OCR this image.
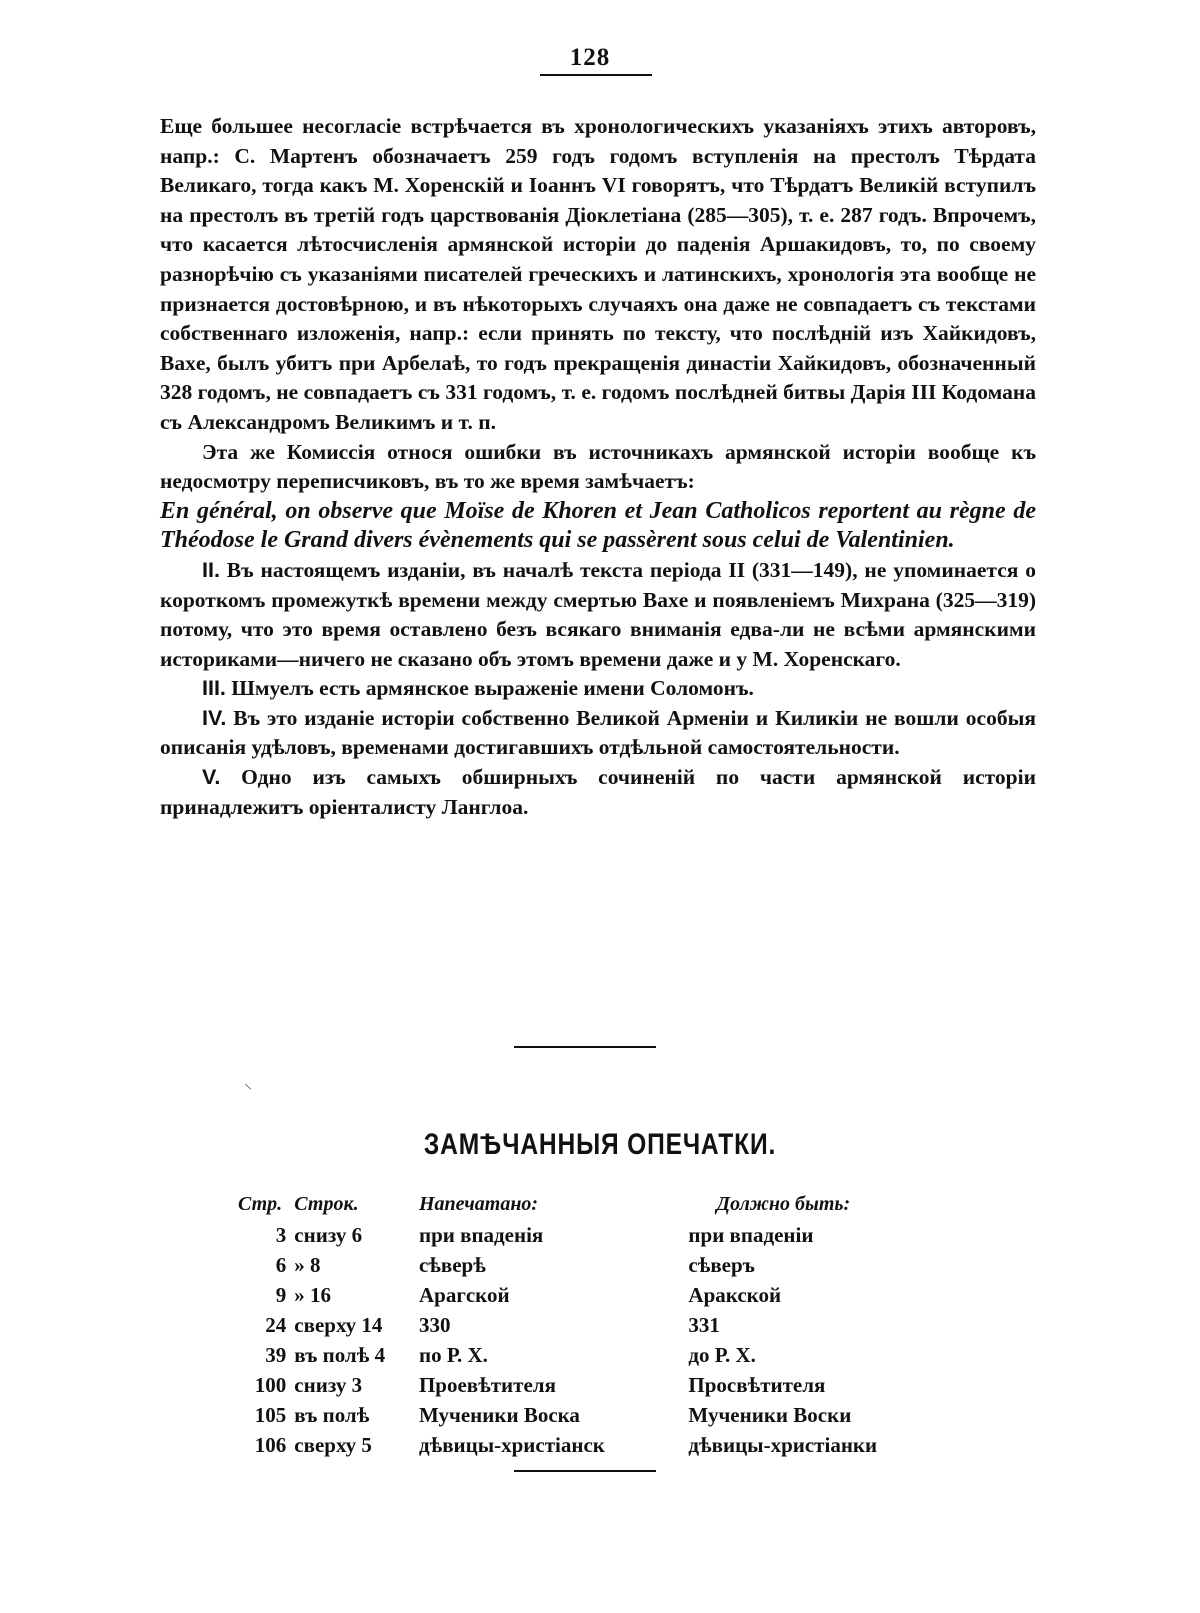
128

Еще большее несогласіе встрѣчается въ хронологическихъ указаніяхъ этихъ авторовъ, напр.: С. Мартенъ обозначаетъ 259 годъ годомъ вступленія на престолъ Тѣрдата Великаго, тогда какъ М. Хоренскій и Іоаннъ VI говорятъ, что Тѣрдатъ Великій вступилъ на престолъ въ третій годъ царствованія Діоклетіана (285—305), т. е. 287 годъ. Впрочемъ, что касается лѣтосчисленія армянской исторіи до паденія Аршакидовъ, то, по своему разнорѣчію съ указаніями писателей греческихъ и латинскихъ, хронологія эта вообще не признается достовѣрною, и въ нѣкоторыхъ случаяхъ она даже не совпадаетъ съ текстами собственнаго изложенія, напр.: если принять по тексту, что послѣдній изъ Хайкидовъ, Ваxе, былъ убитъ при Арбелаѣ, то годъ прекращенія династіи Хайкидовъ, обозначенный 328 годомъ, не совпадаетъ съ 331 годомъ, т. е. годомъ послѣдней битвы Дарія III Кодомана съ Александромъ Великимъ и т. п.

Эта же Комиссія относя ошибки въ источникахъ армянской исторіи вообще къ недосмотру переписчиковъ, въ то же время замѣчаетъ:

En général, on observe que Moïse de Khoren et Jean Catholicos reportent au règne de Théodose le Grand divers évènements qui se passèrent sous celui de Valentinien.

II. Въ настоящемъ изданіи, въ началѣ текста періода II (331—149), не упоминается о короткомъ промежуткѣ времени между смертью Ваxе и появленіемъ Михрана (325—319) потому, что это время оставлено безъ всякаго вниманія едва-ли не всѣми армянскими историками—ничего не сказано объ этомъ времени даже и у М. Хоренскаго.

III. Шмуелъ есть армянское выраженіе имени Соломонъ.

IV. Въ это изданіе исторіи собственно Великой Арменіи и Киликіи не вошли особыя описанія удѣловъ, временами достигавшихъ отдѣльной самостоятельности.

V. Одно изъ самыхъ обширныхъ сочиненій по части армянской исторіи принадлежитъ оріенталисту Ланглоа.

⸌
ЗАМѢЧАННЫЯ ОПЕЧАТКИ.
Стр.	Строк.	Напечатано:	Должно быть:
3	снизу 6	при впаденія	при впаденіи
6	» 8	сѣверѣ	сѣверъ
9	» 16	Арагской	Аракской
24	сверху 14	330	331
39	въ полѣ 4	по Р. Х.	до Р. Х.
100	снизу 3	Проевѣтителя	Просвѣтителя
105	въ полѣ	Мученики Воска	Мученики Воски
106	сверху 5	дѣвицы-христіанск	дѣвицы-христіанки
